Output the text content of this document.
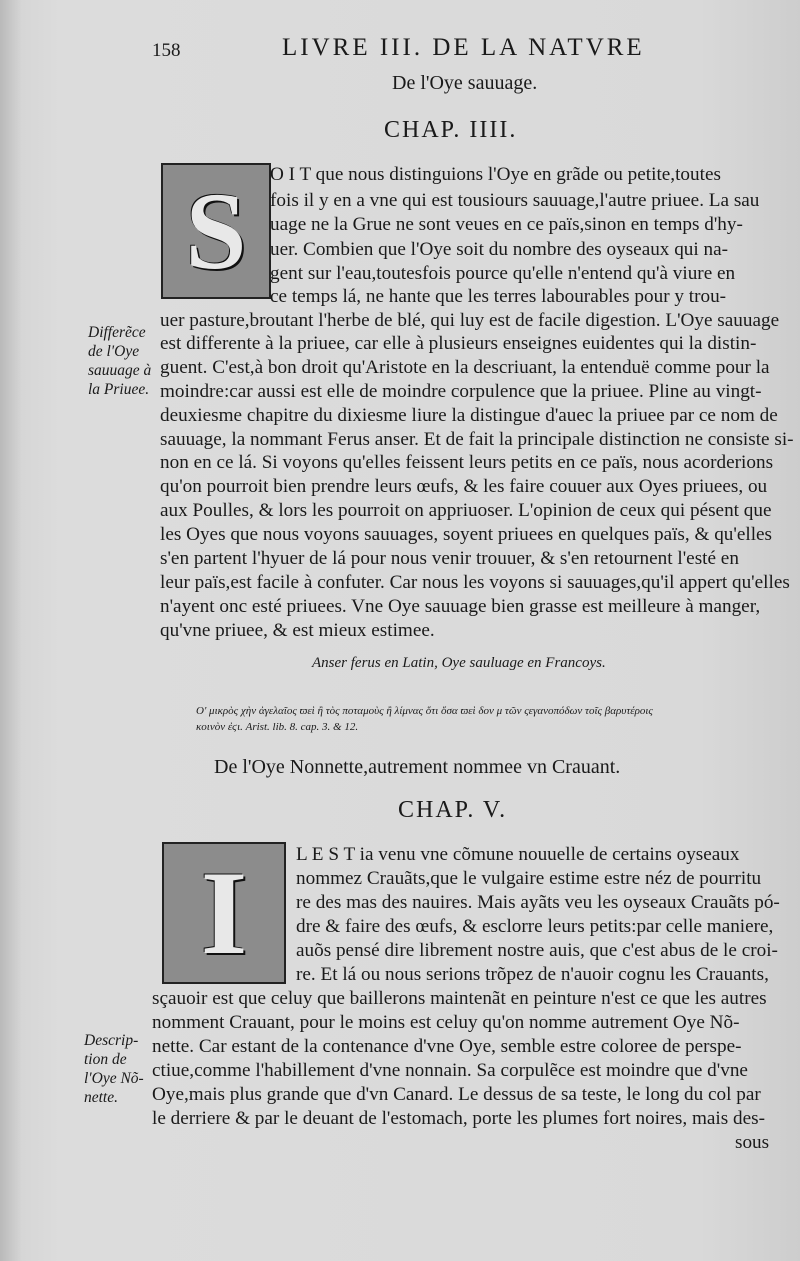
158	LIVRE III. DE LA NATVRE
De l'Oye sauuage.
CHAP. IIII.
S O I T que nous distinguions l'Oye en grãde ou petite,toutes
fois il y en a vne qui est tousiours sauuage,l'autre priuee. La sau
uage ne la Grue ne sont veues en ce païs,sinon en temps d'hy-
uer. Combien que l'Oye soit du nombre des oyseaux qui na-
gent sur l'eau,toutesfois pource qu'elle n'entend qu'à viure en
ce temps lá, ne hante que les terres labourables pour y trou-
uer pasture,broutant l'herbe de blé, qui luy est de facile digestion. L'Oye sauuage
est differente à la priuee, car elle à plusieurs enseignes euidentes qui la distin-
guent. C'est,à bon droit qu'Aristote en la descriuant, la entenduë comme pour la
moindre:car aussi est elle de moindre corpulence que la priuee. Pline au vingt-
deuxiesme chapitre du dixiesme liure la distingue d'auec la priuee par ce nom de
sauuage, la nommant Ferus anser. Et de fait la principale distinction ne consiste si-
non en ce lá. Si voyons qu'elles feissent leurs petits en ce païs, nous acorderions
qu'on pourroit bien prendre leurs œufs, & les faire couuer aux Oyes priuees, ou
aux Poulles, & lors les pourroit on appriuoser. L'opinion de ceux qui pésent que
les Oyes que nous voyons sauuages, soyent priuees en quelques païs, & qu'elles
s'en partent l'hyuer de lá pour nous venir trouuer, & s'en retournent l'esté en
leur païs,est facile à confuter. Car nous les voyons si sauuages,qu'il appert qu'elles
n'ayent onc esté priuees. Vne Oye sauuage bien grasse est meilleure à manger,
qu'vne priuee, & est mieux estimee.
Differẽce
de l'Oye
sauuage à
la Priuee.
Anser ferus en Latin, Oye sauluage en Francoys.
Ο' μικρὸς χὴν ἀγελαῖος ϖεὶ ἢ τὸς ποταμοὺς ἢ λίμνας ὅτι ὅσα ϖεὶ δον μ τῶν ςεγανοπόδων τοῖς βαρυτέροις
κοινὸν ἐϛι. Arist. lib. 8. cap. 3. & 12.
De l'Oye Nonnette,autrement nommee vn Crauant.
CHAP. V.
I	L E S T ia venu vne cõmune nouuelle de certains oyseaux
nommez Crauãts,que le vulgaire estime estre néz de pourritu
re des mas des nauires. Mais ayãts veu les oyseaux Crauãts pó-
dre & faire des œufs, & esclorre leurs petits:par celle maniere,
auõs pensé dire librement nostre auis, que c'est abus de le croi-
re. Et lá ou nous serions trõpez de n'auoir cognu les Crauants,
sçauoir est que celuy que baillerons maintenãt en peinture n'est ce que les autres
nomment Crauant, pour le moins est celuy qu'on nomme autrement Oye Nõ-
nette. Car estant de la contenance d'vne Oye, semble estre coloree de perspe-
ctiue,comme l'habillement d'vne nonnain. Sa corpulẽce est moindre que d'vne
Oye,mais plus grande que d'vn Canard. Le dessus de sa teste, le long du col par
le derriere & par le deuant de l'estomach, porte les plumes fort noires, mais des-
sous
Descrip-
tion de
l'Oye Nõ-
nette.
